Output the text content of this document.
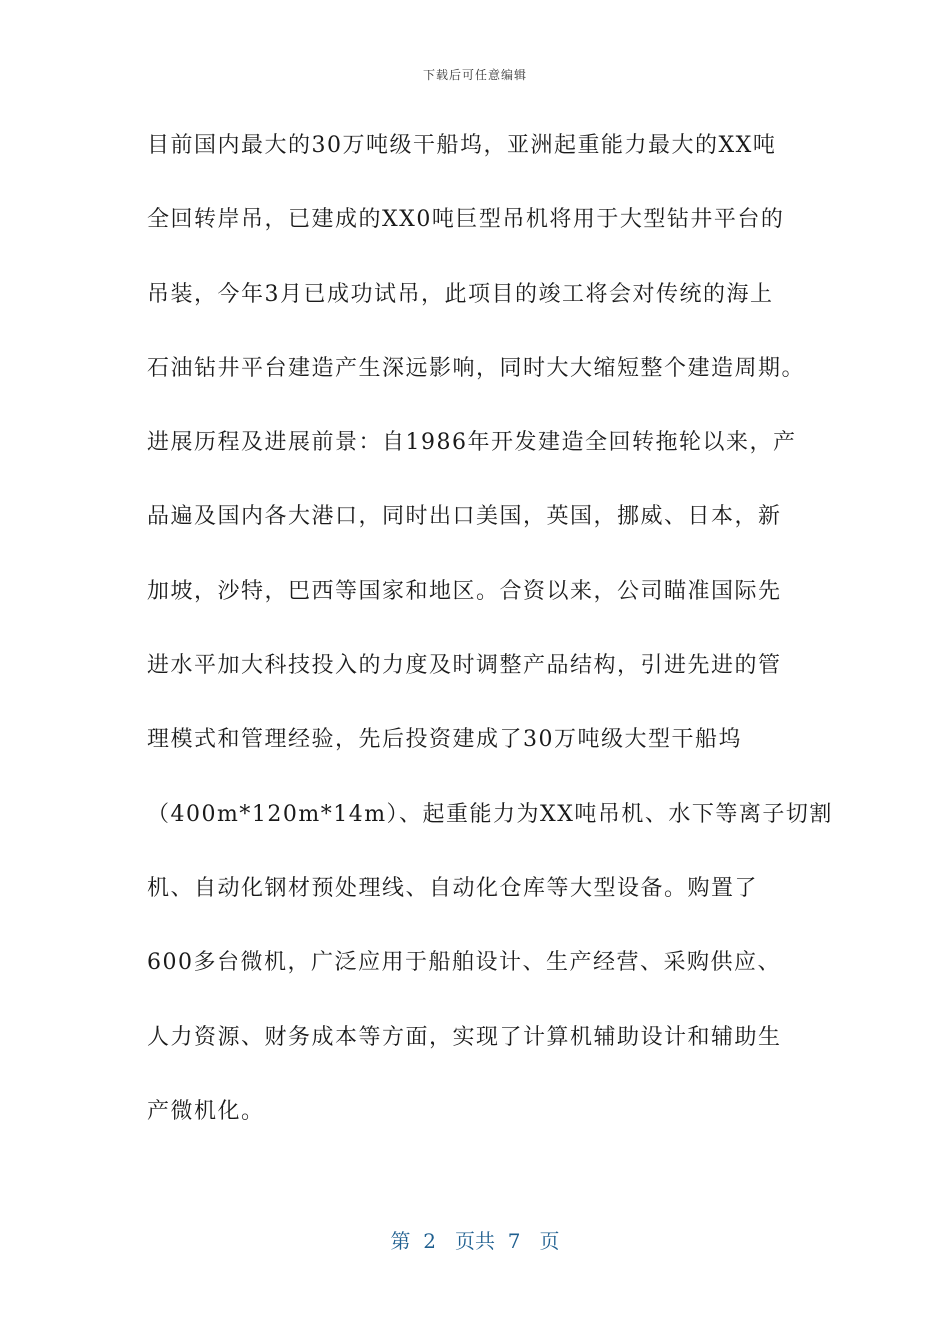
下载后可任意编辑
目前国内最大的30万吨级干船坞，亚洲起重能力最大的XX吨
全回转岸吊，已建成的XX0吨巨型吊机将用于大型钻井平台的
吊装，今年3月已成功试吊，此项目的竣工将会对传统的海上
石油钻井平台建造产生深远影响，同时大大缩短整个建造周期。
进展历程及进展前景：自1986年开发建造全回转拖轮以来，产
品遍及国内各大港口，同时出口美国，英国，挪威、日本，新
加坡，沙特，巴西等国家和地区。合资以来，公司瞄准国际先
进水平加大科技投入的力度及时调整产品结构，引进先进的管
理模式和管理经验，先后投资建成了30万吨级大型干船坞
（400m*120m*14m）、起重能力为XX吨吊机、水下等离子切割
机、自动化钢材预处理线、自动化仓库等大型设备。购置了
600多台微机，广泛应用于船舶设计、生产经营、采购供应、
人力资源、财务成本等方面，实现了计算机辅助设计和辅助生
产微机化。
第  2   页共  7   页
